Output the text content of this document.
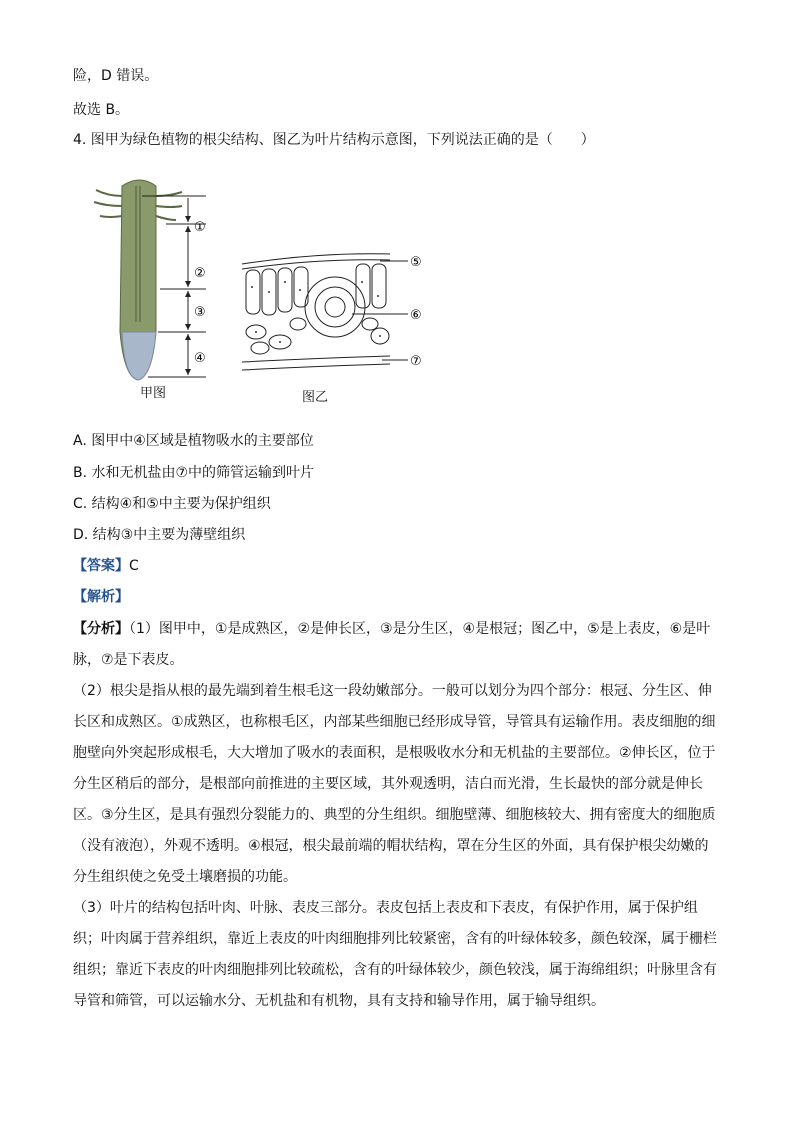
险，D 错误。
故选 B。
4. 图甲为绿色植物的根尖结构、图乙为叶片结构示意图，下列说法正确的是（　　）
①
②
③
④
⑤
⑥
⑦
甲图	图乙
A. 图甲中④区域是植物吸水的主要部位
B. 水和无机盐由⑦中的筛管运输到叶片
C. 结构④和⑤中主要为保护组织
D. 结构③中主要为薄壁组织
【答案】C
【解析】
【分析】（1）图甲中，①是成熟区，②是伸长区，③是分生区，④是根冠；图乙中，⑤是上表皮，⑥是叶
脉，⑦是下表皮。
（2）根尖是指从根的最先端到着生根毛这一段幼嫩部分。一般可以划分为四个部分：根冠、分生区、伸
长区和成熟区。①成熟区，也称根毛区，内部某些细胞已经形成导管，导管具有运输作用。表皮细胞的细
胞壁向外突起形成根毛，大大增加了吸水的表面积，是根吸收水分和无机盐的主要部位。②伸长区，位于
分生区稍后的部分，是根部向前推进的主要区域，其外观透明，洁白而光滑，生长最快的部分就是伸长
区。③分生区，是具有强烈分裂能力的、典型的分生组织。细胞壁薄、细胞核较大、拥有密度大的细胞质
（没有液泡），外观不透明。④根冠，根尖最前端的帽状结构，罩在分生区的外面，具有保护根尖幼嫩的
分生组织使之免受土壤磨损的功能。
（3）叶片的结构包括叶肉、叶脉、表皮三部分。表皮包括上表皮和下表皮，有保护作用，属于保护组
织；叶肉属于营养组织，靠近上表皮的叶肉细胞排列比较紧密，含有的叶绿体较多，颜色较深，属于栅栏
组织；靠近下表皮的叶肉细胞排列比较疏松，含有的叶绿体较少，颜色较浅，属于海绵组织；叶脉里含有
导管和筛管，可以运输水分、无机盐和有机物，具有支持和输导作用，属于输导组织。
